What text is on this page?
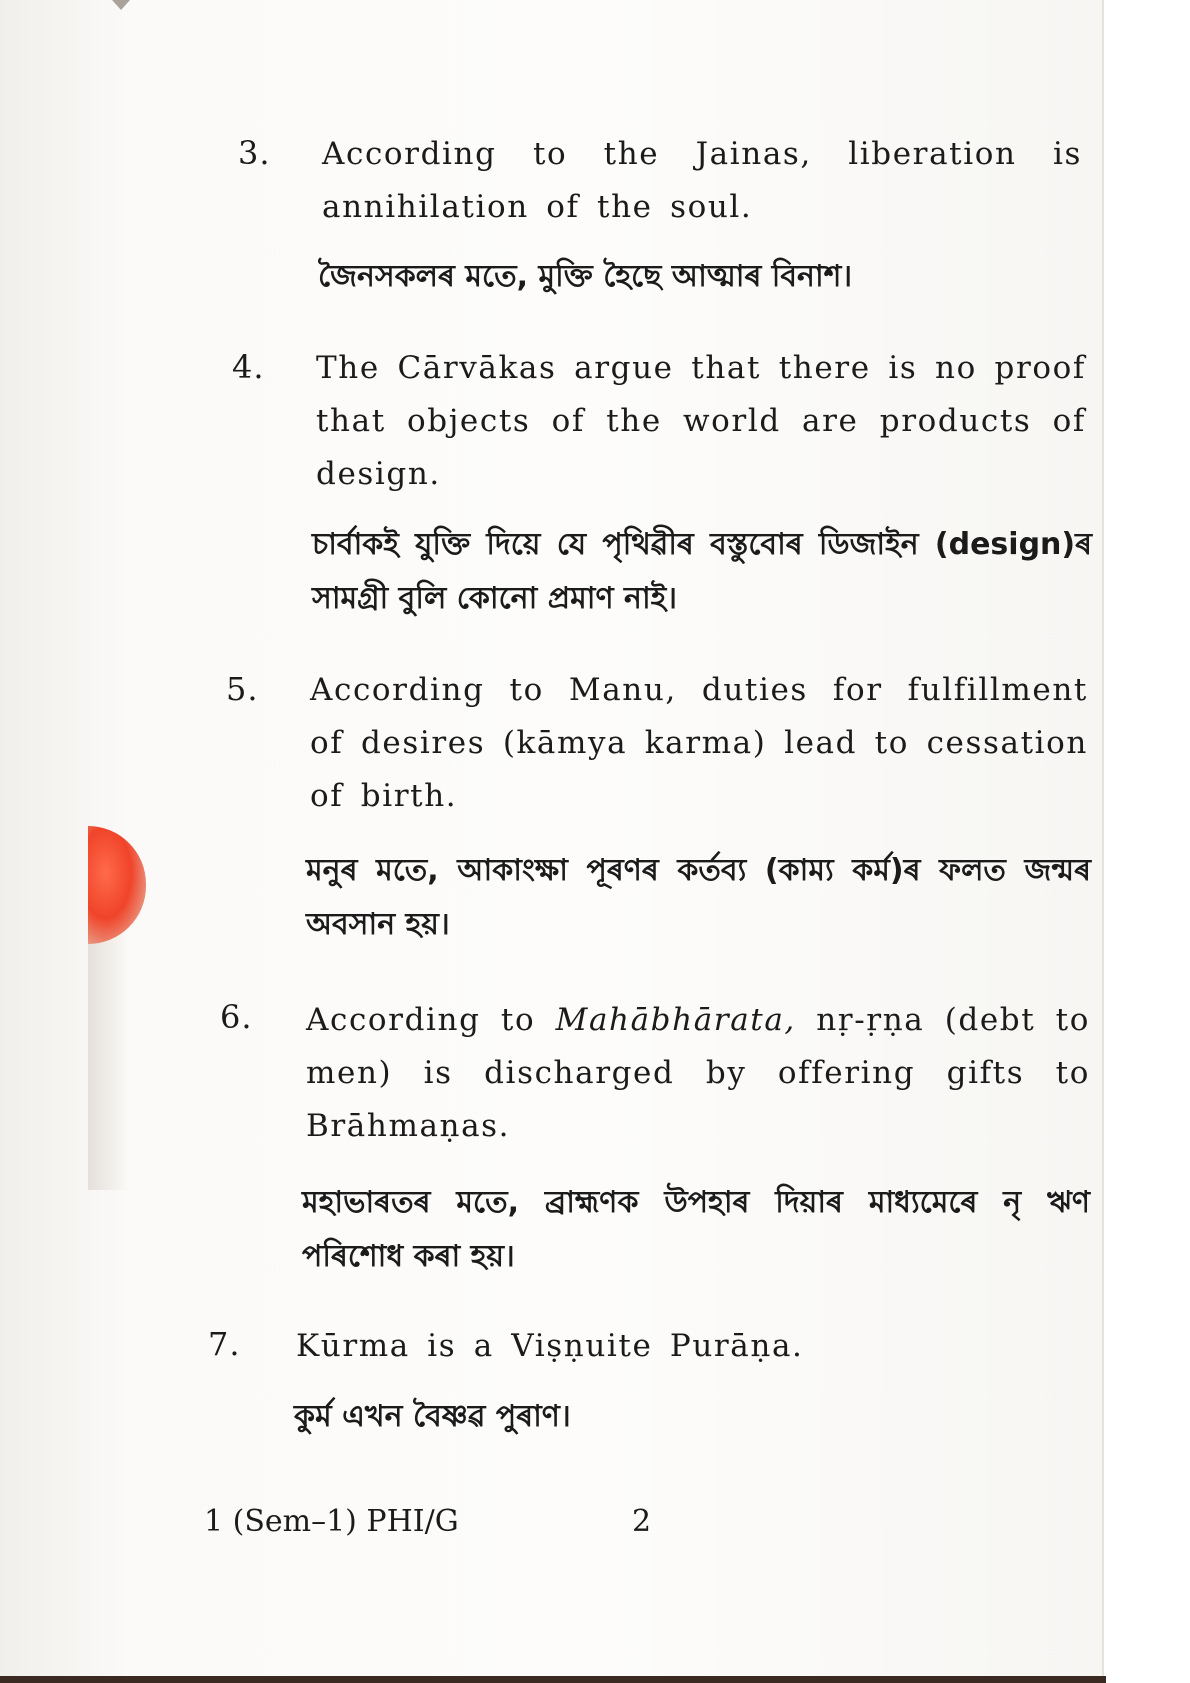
3. According to the Jainas, liberation is annihilation of the soul.
জৈনসকলৰ মতে, মুক্তি হৈছে আত্মাৰ বিনাশ।
4. The Cārvākas argue that there is no proof that objects of the world are products of design.
চাৰ্বাকই যুক্তি দিয়ে যে পৃথিৱীৰ বস্তুবোৰ ডিজাইন (design)ৰ সামগ্ৰী বুলি কোনো প্ৰমাণ নাই।
5. According to Manu, duties for fulfillment of desires (kāmya karma) lead to cessation of birth.
মনুৰ মতে, আকাংক্ষা পূৰণৰ কৰ্তব্য (কাম্য কৰ্ম)ৰ ফলত জন্মৰ অবসান হয়।
6. According to Mahābhārata, nṛ-ṛṇa (debt to men) is discharged by offering gifts to Brāhmaṇas.
মহাভাৰতৰ মতে, ব্ৰাহ্মণক উপহাৰ দিয়াৰ মাধ্যমেৰে নৃ ঋণ পৰিশোধ কৰা হয়।
7. Kūrma is a Viṣṇuite Purāṇa.
কুৰ্ম এখন বৈষ্ণৱ পুৰাণ।
1 (Sem–1) PHI/G	2
